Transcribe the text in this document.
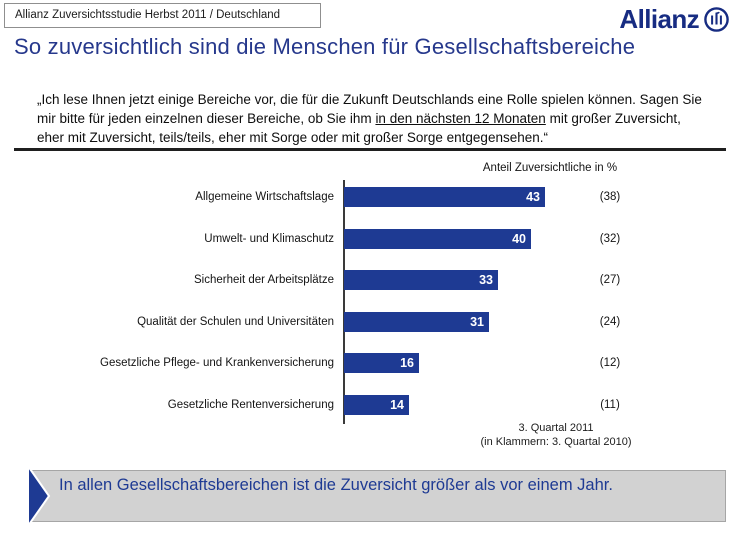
Allianz Zuversichtsstudie Herbst 2011 / Deutschland	Allianz
So zuversichtlich sind die Menschen für Gesellschaftsbereiche

„Ich lese Ihnen jetzt einige Bereiche vor, die für die Zukunft Deutschlands eine Rolle spielen können. Sagen Sie mir bitte für jeden einzelnen dieser Bereiche, ob Sie ihm in den nächsten 12 Monaten mit großer Zuversicht, eher mit Zuversicht, teils/teils, eher mit Sorge oder mit großer Sorge entgegensehen.“

Anteil Zuversichtliche in %
Allgemeine Wirtschaftslage	43	(38)
Umwelt- und Klimaschutz	40	(32)
Sicherheit der Arbeitsplätze	33	(27)
Qualität der Schulen und Universitäten	31	(24)
Gesetzliche Pflege- und Krankenversicherung	16	(12)
Gesetzliche Rentenversicherung	14	(11)
3. Quartal 2011
(in Klammern: 3. Quartal 2010)
In allen Gesellschaftsbereichen ist die Zuversicht größer als vor einem Jahr.
